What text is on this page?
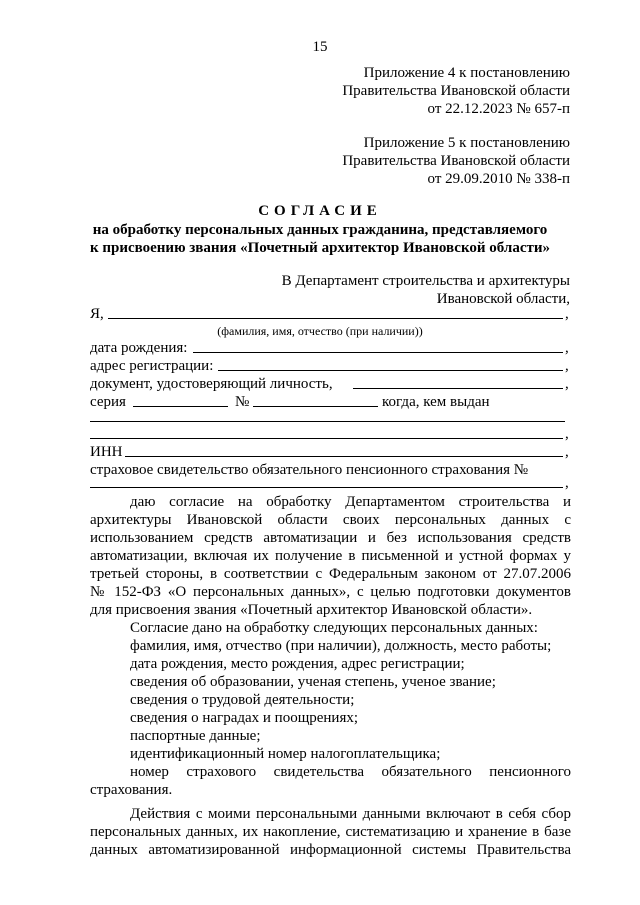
15
Приложение 4 к постановлению
Правительства Ивановской области
от 22.12.2023 № 657-п
Приложение 5 к постановлению
Правительства Ивановской области
от 29.09.2010 № 338-п
СОГЛАСИЕ
на обработку персональных данных гражданина, представляемого
к присвоению звания «Почетный архитектор Ивановской области»
В Департамент строительства и архитектуры
Ивановской области,
Я,	,
(фамилия, имя, отчество (при наличии))
дата рождения:	,
адрес регистрации:	,
документ, удостоверяющий личность,	,
серия	№	когда, кем выдан
,
ИНН	,
страховое свидетельство обязательного пенсионного страхования №
,
даю согласие на обработку Департаментом строительства и
архитектуры Ивановской области своих персональных данных с
использованием средств автоматизации и без использования средств
автоматизации, включая их получение в письменной и устной формах у
третьей стороны, в соответствии с Федеральным законом от 27.07.2006
№ 152-ФЗ «О персональных данных», с целью подготовки документов
для присвоения звания «Почетный архитектор Ивановской области».
Согласие дано на обработку следующих персональных данных:
фамилия, имя, отчество (при наличии), должность, место работы;
дата рождения, место рождения, адрес регистрации;
сведения об образовании, ученая степень, ученое звание;
сведения о трудовой деятельности;
сведения о наградах и поощрениях;
паспортные данные;
идентификационный номер налогоплательщика;
номер страхового свидетельства обязательного пенсионного
страхования.
Действия с моими персональными данными включают в себя сбор
персональных данных, их накопление, систематизацию и хранение в базе
данных автоматизированной информационной системы Правительства
